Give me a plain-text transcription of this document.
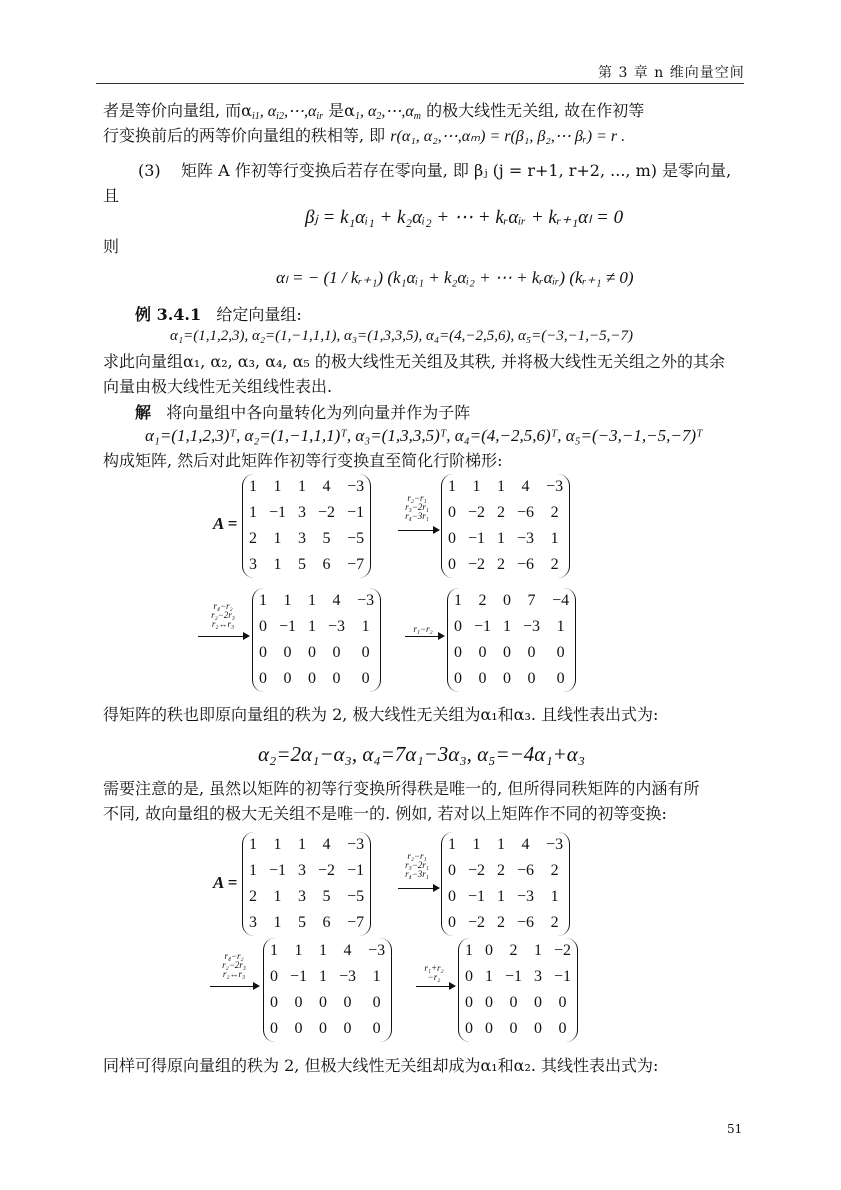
第 3 章 n 维向量空间
者是等价向量组, 而$\alpha_{i1}$, $\alpha_{i2},\cdots,\alpha_{ir}$ 是$\alpha_1$, $\alpha_2,\cdots,\alpha_m$ 的极大线性无关组, 故在作初等
行变换前后的两等价向量组的秩相等, 即 r(α₁, α₂,⋯,αₘ) = r(β₁, β₂,⋯ βᵣ) = r .
(3) 矩阵 A 作初等行变换后若存在零向量, 即 βⱼ (j = r+1, r+2, ..., m) 是零向量,
且
βⱼ = k₁αᵢ₁ + k₂αᵢ₂ + ⋯ + kᵣαᵢᵣ + kᵣ₊₁αₗ = 0
则
αₗ = − (1 / kᵣ₊₁) (k₁αᵢ₁ + k₂αᵢ₂ + ⋯ + kᵣαᵢᵣ) (kᵣ₊₁ ≠ 0)
例 3.4.1 给定向量组:
α₁=(1,1,2,3), α₂=(1,−1,1,1), α₃=(1,3,3,5), α₄=(4,−2,5,6), α₅=(−3,−1,−5,−7)
求此向量组α₁, α₂, α₃, α₄, α₅ 的极大线性无关组及其秩, 并将极大线性无关组之外的其余
向量由极大线性无关组线性表出.
解 将向量组中各向量转化为列向量并作为子阵
α₁=(1,1,2,3)ᵀ, α₂=(1,−1,1,1)ᵀ, α₃=(1,3,3,5)ᵀ, α₄=(4,−2,5,6)ᵀ, α₅=(−3,−1,−5,−7)ᵀ
构成矩阵, 然后对此矩阵作初等行变换直至简化行阶梯形:
A =
1	1	1	4	−3
1	−1	3	−2	−1
2	1	3	5	−5
3	1	5	6	−7
r₂−r₁
r₃−2r₁
r₄−3r₁
1	1	1	4	−3
0	−2	2	−6	2
0	−1	1	−3	1
0	−2	2	−6	2
r₄−r₂
r₂−2r₃
r₂↔r₃
1	1	1	4	−3
0	−1	1	−3	1
0	0	0	0	0
0	0	0	0	0
r₁−r₂
1	2	0	7	−4
0	−1	1	−3	1
0	0	0	0	0
0	0	0	0	0
得矩阵的秩也即原向量组的秩为 2, 极大线性无关组为α₁和α₃. 且线性表出式为:
α₂=2α₁−α₃, α₄=7α₁−3α₃, α₅=−4α₁+α₃
需要注意的是, 虽然以矩阵的初等行变换所得秩是唯一的, 但所得同秩矩阵的内涵有所
不同, 故向量组的极大无关组不是唯一的. 例如, 若对以上矩阵作不同的初等变换:
A =
1	1	1	4	−3
1	−1	3	−2	−1
2	1	3	5	−5
3	1	5	6	−7
r₂−r₁
r₃−2r₁
r₄−3r₁
1	1	1	4	−3
0	−2	2	−6	2
0	−1	1	−3	1
0	−2	2	−6	2
r₄−r₂
r₂−2r₃
r₂↔r₃
1	1	1	4	−3
0	−1	1	−3	1
0	0	0	0	0
0	0	0	0	0
r₁+r₂
−r₂
1	0	2	1	−2
0	1	−1	3	−1
0	0	0	0	0
0	0	0	0	0
同样可得原向量组的秩为 2, 但极大线性无关组却成为α₁和α₂. 其线性表出式为:
51
